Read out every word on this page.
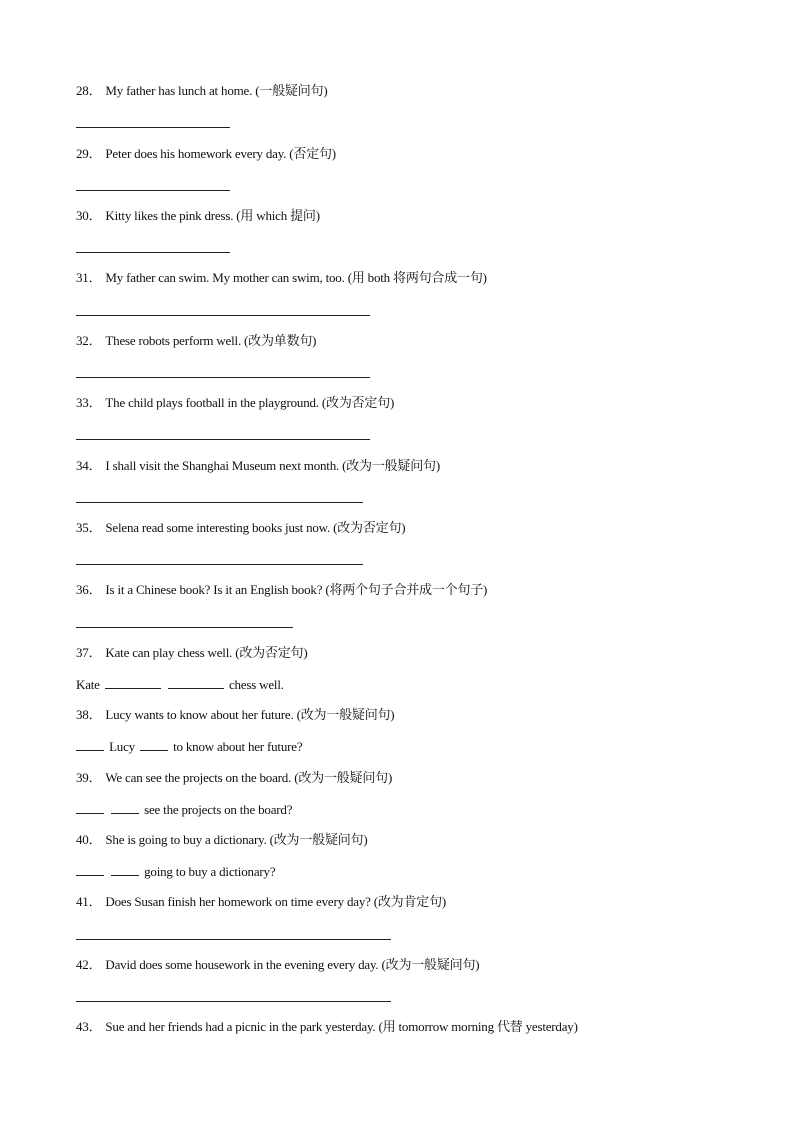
28． My father has lunch at home. (一般疑问句)
29． Peter does his homework every day. (否定句)
30． Kitty likes the pink dress. (用 which 提问)
31． My father can swim. My mother can swim, too. (用 both 将两句合成一句)
32． These robots perform well. (改为单数句)
33． The child plays football in the playground. (改为否定句)
34． I shall visit the Shanghai Museum next month. (改为一般疑问句)
35． Selena read some interesting books just now. (改为否定句)
36． Is it a Chinese book? Is it an English book? (将两个句子合并成一个句子)
37． Kate can play chess well. (改为否定句)
Kate	chess well.
38． Lucy wants to know about her future. (改为一般疑问句)
Lucy	to know about her future?
39． We can see the projects on the board. (改为一般疑问句)
see the projects on the board?
40． She is going to buy a dictionary. (改为一般疑问句)
going to buy a dictionary?
41． Does Susan finish her homework on time every day? (改为肯定句)
42． David does some housework in the evening every day. (改为一般疑问句)
43． Sue and her friends had a picnic in the park yesterday. (用 tomorrow morning 代替 yesterday)
